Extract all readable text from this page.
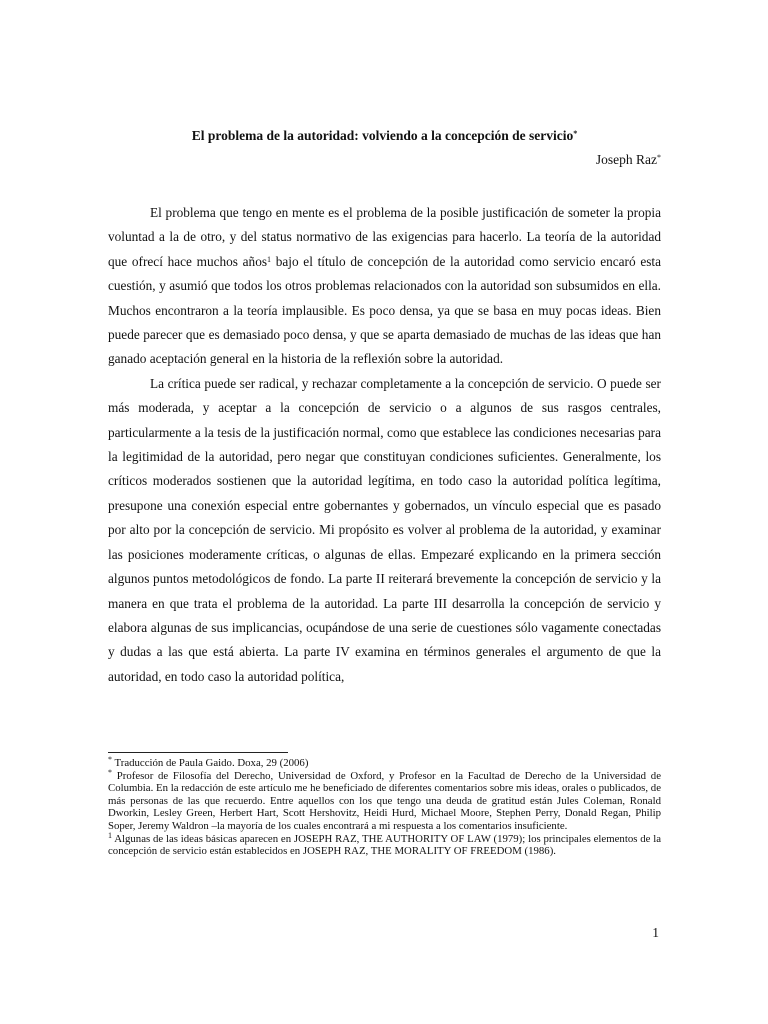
El problema de la autoridad: volviendo a la concepción de servicio*
Joseph Raz*

El problema que tengo en mente es el problema de la posible justificación de someter la propia voluntad a la de otro, y del status normativo de las exigencias para hacerlo. La teoría de la autoridad que ofrecí hace muchos años$^1$ bajo el título de concepción de la autoridad como servicio encaró esta cuestión, y asumió que todos los otros problemas relacionados con la autoridad son subsumidos en ella. Muchos encontraron a la teoría implausible. Es poco densa, ya que se basa en muy pocas ideas. Bien puede parecer que es demasiado poco densa, y que se aparta demasiado de muchas de las ideas que han ganado aceptación general en la historia de la reflexión sobre la autoridad.

La crítica puede ser radical, y rechazar completamente a la concepción de servicio. O puede ser más moderada, y aceptar a la concepción de servicio o a algunos de sus rasgos centrales, particularmente a la tesis de la justificación normal, como que establece las condiciones necesarias para la legitimidad de la autoridad, pero negar que constituyan condiciones suficientes. Generalmente, los críticos moderados sostienen que la autoridad legítima, en todo caso la autoridad política legítima, presupone una conexión especial entre gobernantes y gobernados, un vínculo especial que es pasado por alto por la concepción de servicio. Mi propósito es volver al problema de la autoridad, y examinar las posiciones moderamente críticas, o algunas de ellas. Empezaré explicando en la primera sección algunos puntos metodológicos de fondo. La parte II reiterará brevemente la concepción de servicio y la manera en que trata el problema de la autoridad. La parte III desarrolla la concepción de servicio y elabora algunas de sus implicancias, ocupándose de una serie de cuestiones sólo vagamente conectadas y dudas a las que está abierta. La parte IV examina en términos generales el argumento de que la autoridad, en todo caso la autoridad política,

* Traducción de Paula Gaido. Doxa, 29 (2006)

* Profesor de Filosofía del Derecho, Universidad de Oxford, y Profesor en la Facultad de Derecho de la Universidad de Columbia. En la redacción de este artículo me he beneficiado de diferentes comentarios sobre mis ideas, orales o publicados, de más personas de las que recuerdo. Entre aquellos con los que tengo una deuda de gratitud están Jules Coleman, Ronald Dworkin, Lesley Green, Herbert Hart, Scott Hershovitz, Heidi Hurd, Michael Moore, Stephen Perry, Donald Regan, Philip Soper, Jeremy Waldron –la mayoría de los cuales encontrará a mi respuesta a los comentarios insuficiente.

$^1$ Algunas de las ideas básicas aparecen en JOSEPH RAZ, THE AUTHORITY OF LAW (1979); los principales elementos de la concepción de servicio están establecidos en JOSEPH RAZ, THE MORALITY OF FREEDOM (1986).

1
